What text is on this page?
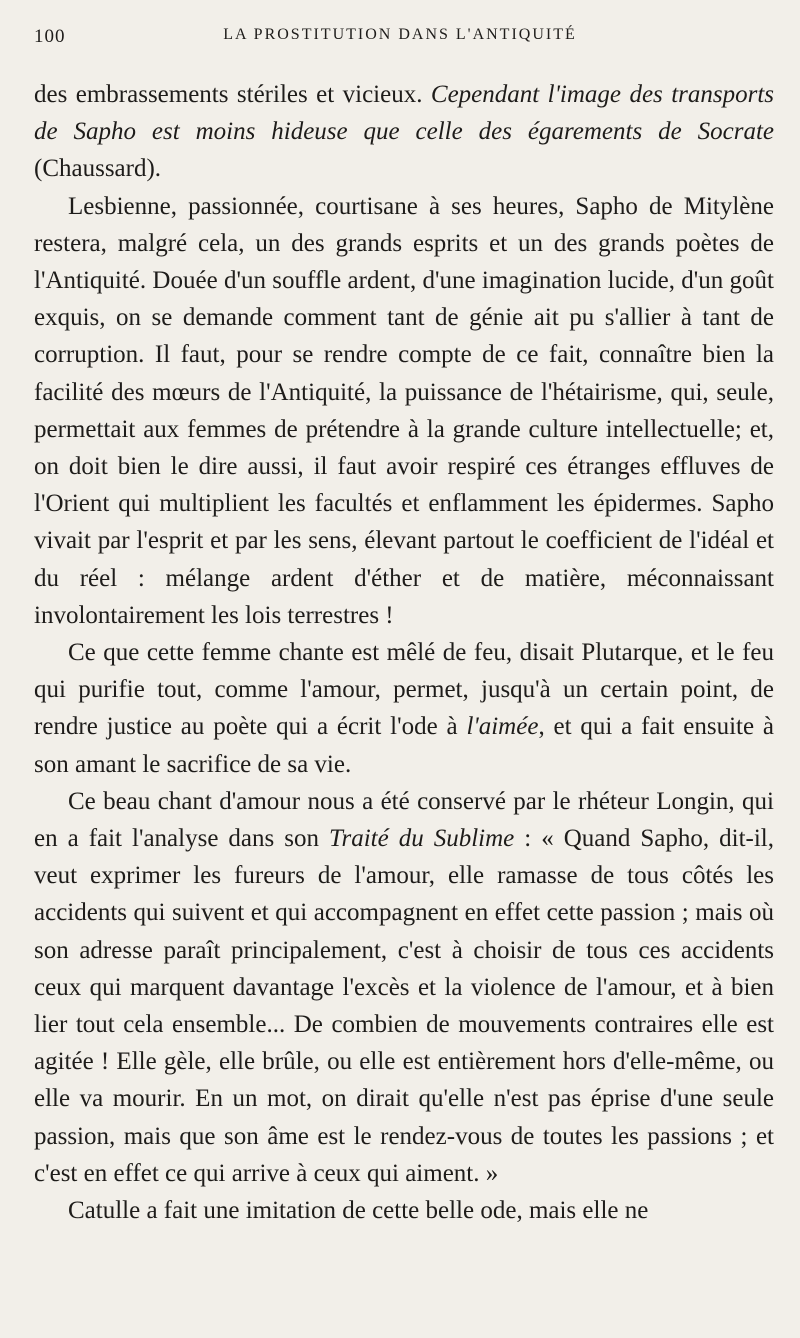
100	LA PROSTITUTION DANS L'ANTIQUITÉ

des embrassements stériles et vicieux. Cependant l'image des transports de Sapho est moins hideuse que celle des égarements de Socrate (Chaussard).

Lesbienne, passionnée, courtisane à ses heures, Sapho de Mitylène restera, malgré cela, un des grands esprits et un des grands poètes de l'Antiquité. Douée d'un souffle ardent, d'une imagination lucide, d'un goût exquis, on se demande comment tant de génie ait pu s'allier à tant de corruption. Il faut, pour se rendre compte de ce fait, connaître bien la facilité des mœurs de l'Antiquité, la puissance de l'hétairisme, qui, seule, permettait aux femmes de prétendre à la grande culture intellectuelle; et, on doit bien le dire aussi, il faut avoir respiré ces étranges effluves de l'Orient qui multiplient les facultés et enflamment les épidermes. Sapho vivait par l'esprit et par les sens, élevant partout le coefficient de l'idéal et du réel : mélange ardent d'éther et de matière, méconnaissant involontairement les lois terrestres !

Ce que cette femme chante est mêlé de feu, disait Plutarque, et le feu qui purifie tout, comme l'amour, permet, jusqu'à un certain point, de rendre justice au poète qui a écrit l'ode à l'aimée, et qui a fait ensuite à son amant le sacrifice de sa vie.

Ce beau chant d'amour nous a été conservé par le rhéteur Longin, qui en a fait l'analyse dans son Traité du Sublime : « Quand Sapho, dit-il, veut exprimer les fureurs de l'amour, elle ramasse de tous côtés les accidents qui suivent et qui accompagnent en effet cette passion ; mais où son adresse paraît principalement, c'est à choisir de tous ces accidents ceux qui marquent davantage l'excès et la violence de l'amour, et à bien lier tout cela ensemble... De combien de mouvements contraires elle est agitée ! Elle gèle, elle brûle, ou elle est entièrement hors d'elle-même, ou elle va mourir. En un mot, on dirait qu'elle n'est pas éprise d'une seule passion, mais que son âme est le rendez-vous de toutes les passions ; et c'est en effet ce qui arrive à ceux qui aiment. »

Catulle a fait une imitation de cette belle ode, mais elle ne
